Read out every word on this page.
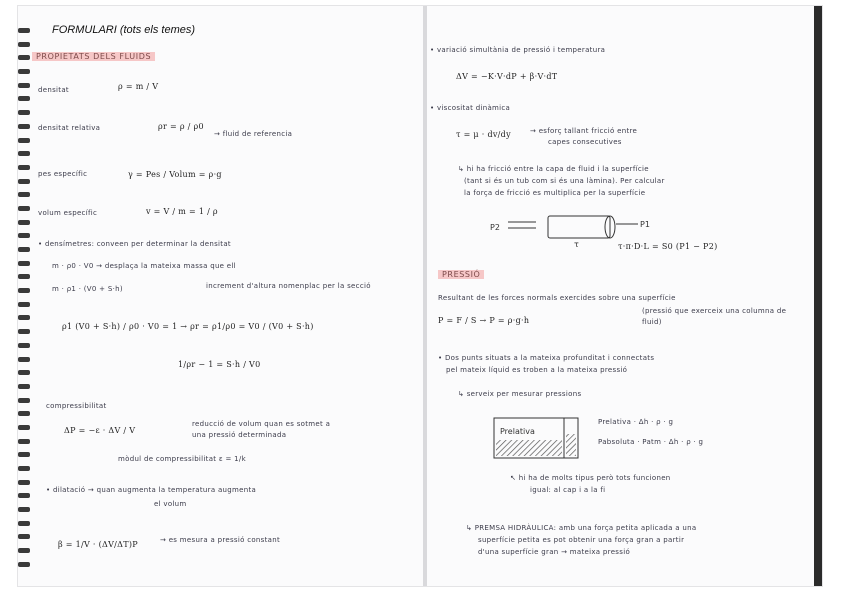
FORMULARI (tots els temes)
PROPIETATS DELS FLUIDS
densitat	ρ = m / V
densitat relativa	ρr = ρ / ρ0
→ fluid de referencia
pes específic	γ = Pes / Volum = ρ·g
volum específic	v = V / m = 1 / ρ
• densímetres: conveen per determinar la densitat
m · ρ0 · V0 → desplaça la mateixa massa que ell
m · ρ1 · (V0 + S·h)	increment d'altura nomenplac per la secció
ρ1 (V0 + S·h) / ρ0 · V0 = 1 → ρr = ρ1/ρ0 = V0 / (V0 + S·h)
1/ρr − 1 = S·h / V0
compressibilitat
ΔP = −ε · ΔV / V
reducció de volum quan es sotmet a
una pressió determinada
mòdul de compressibilitat ε = 1/k
• dilatació → quan augmenta la temperatura augmenta
el volum
β = 1/V · (ΔV/ΔT)P	→ es mesura a pressió constant
• variació simultània de pressió i temperatura
ΔV = −K·V·dP + β·V·dT
• viscositat dinàmica
τ = μ · dv/dy	→ esforç tallant fricció entre
capes consecutives
↳ hi ha fricció entre la capa de fluid i la superfície
(tant si és un tub com si és una làmina). Per calcular
la força de fricció es multiplica per la superfície
P2	P1
τ	τ·π·D·L = S0 (P1 − P2)
PRESSIÓ
Resultant de les forces normals exercides sobre una superfície
P = F / S → P = ρ·g·h
(pressió que exerceix una columna de fluid)
• Dos punts situats a la mateixa profunditat i connectats
pel mateix líquid es troben a la mateixa pressió
↳ serveix per mesurar pressions
Prelativa
Prelativa · Δh · ρ · g
Pabsoluta · Patm · Δh · ρ · g
↖ hi ha de molts tipus però tots funcionen
igual: al cap i a la fi
↳ PREMSA HIDRÀULICA: amb una força petita aplicada a una
superfície petita es pot obtenir una força gran a partir
d'una superfície gran → mateixa pressió
